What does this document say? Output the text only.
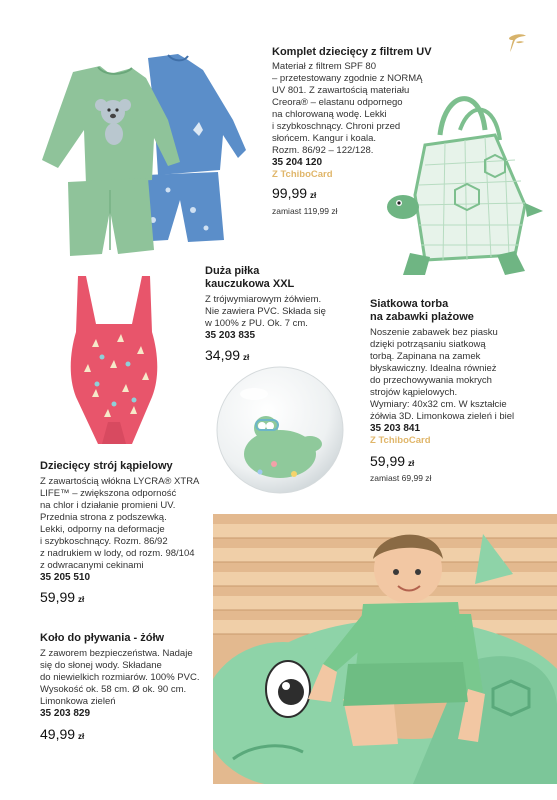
Komplet dziecięcy z filtrem UV
Materiał z filtrem SPF 80
– przetestowany zgodnie z NORMĄ
UV 801. Z zawartością materiału
Creora® – elastanu odpornego
na chlorowaną wodę. Lekki
i szybkoschnący. Chroni przed
słońcem. Kangur i koala.
Rozm. 86/92 – 122/128.
35 204 120
Z TchiboCard
99,99 zł
zamiast 119,99 zł
Duża piłka
kauczukowa XXL
Z trójwymiarowym żółwiem.
Nie zawiera PVC. Składa się
w 100% z PU. Ok. 7 cm.
35 203 835
34,99 zł
Siatkowa torba
na zabawki plażowe
Noszenie zabawek bez piasku
dzięki potrząsaniu siatkową
torbą. Zapinana na zamek
błyskawiczny. Idealna również
do przechowywania mokrych
strojów kąpielowych.
Wymiary: 40x32 cm. W kształcie
żółwia 3D. Limonkowa zieleń i biel
35 203 841
Z TchiboCard
59,99 zł
zamiast 69,99 zł
Dziecięcy strój kąpielowy
Z zawartością włókna LYCRA® XTRA
LIFE™ – zwiększona odporność
na chlor i działanie promieni UV.
Przednia strona z podszewką.
Lekki, odporny na deformacje
i szybkoschnący. Rozm. 86/92
z nadrukiem w lody, od rozm. 98/104
z odwracanymi cekinami
35 205 510
59,99 zł
Koło do pływania - żółw
Z zaworem bezpieczeństwa. Nadaje
się do słonej wody. Składane
do niewielkich rozmiarów. 100% PVC.
Wysokość ok. 58 cm. Ø ok. 90 cm.
Limonkowa zieleń
35 203 829
49,99 zł
